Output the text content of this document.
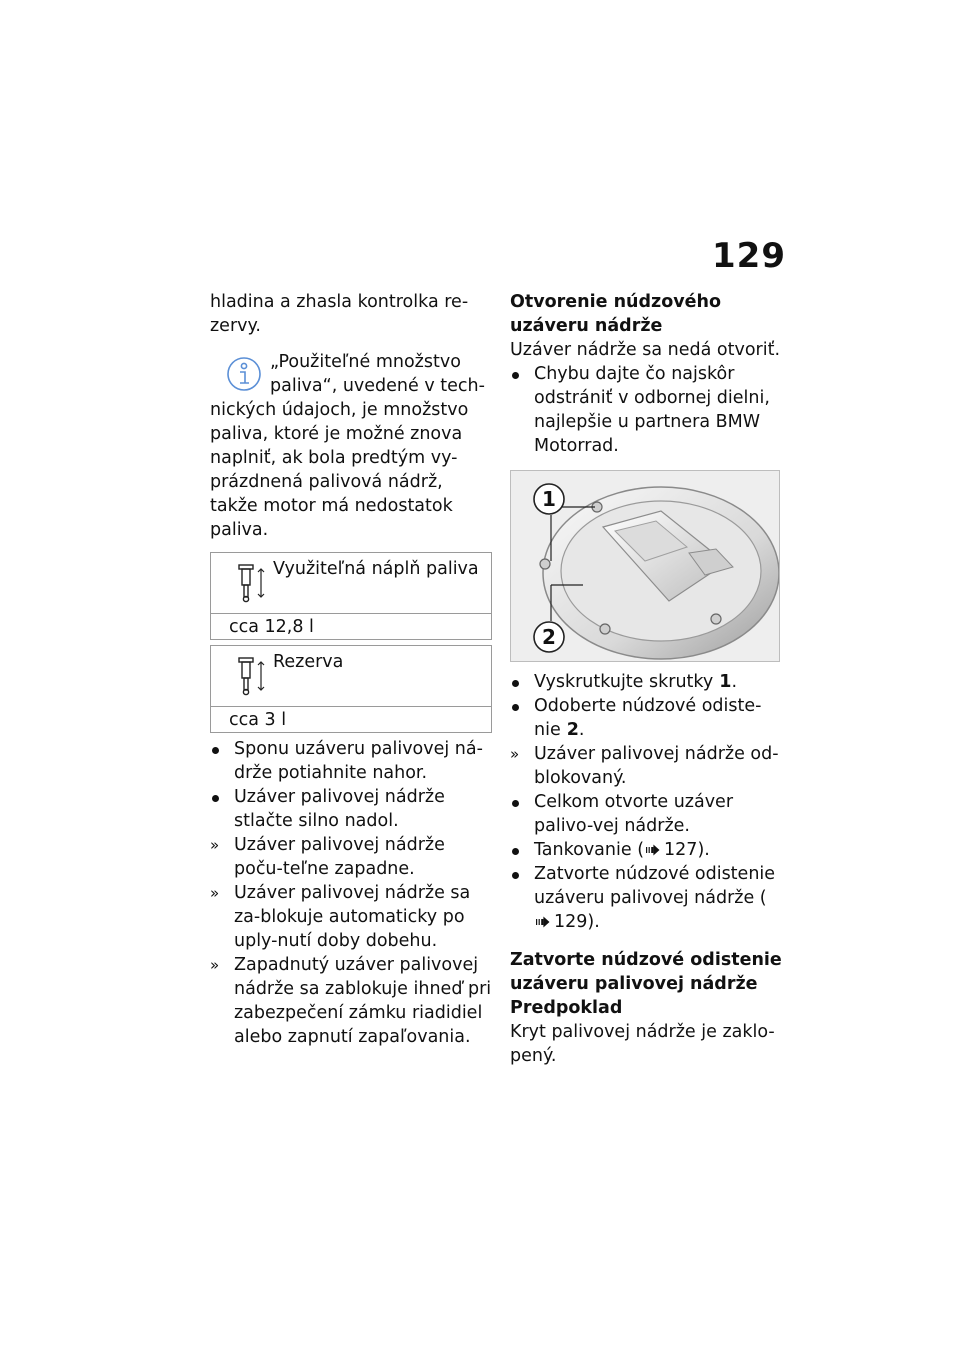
129

hladina a zhasla kontrolka re-zervy.

„Použiteľné množstvo

paliva“, uvedené v tech-

nických údajoch, je množstvo paliva, ktoré je možné znova naplniť, ak bola predtým vy-prázdnená palivová nádrž, takže motor má nedostatok paliva.

Využiteľná náplň paliva
cca 12,8 l
Rezerva
cca 3 l
Sponu uzáveru palivovej ná-drže potiahnite nahor.
Uzáver palivovej nádrže stlačte silno nadol.
» Uzáver palivovej nádrže poču-teľne zapadne.
» Uzáver palivovej nádrže sa za-blokuje automaticky po uply-nutí doby dobehu.
» Zapadnutý uzáver palivovej nádrže sa zablokuje ihneď pri zabezpečení zámku riadidiel alebo zapnutí zapaľovania.

Otvorenie núdzového uzáveru nádrže

Uzáver nádrže sa nedá otvoriť.

Chybu dajte čo najskôr odstrániť v odbornej dielni, najlepšie u partnera BMW Motorrad.
1
2
Vyskrutkujte skrutky 1.
Odoberte núdzové odiste-nie 2.
» Uzáver palivovej nádrže od-blokovaný.
Celkom otvorte uzáver palivo-vej nádrže.
Tankovanie ( 127).
Zatvorte núdzové odistenie uzáveru palivovej nádrže (129).

Zatvorte núdzové odistenie uzáveru palivovej nádrže

Predpoklad

Kryt palivovej nádrže je zaklo-pený.
